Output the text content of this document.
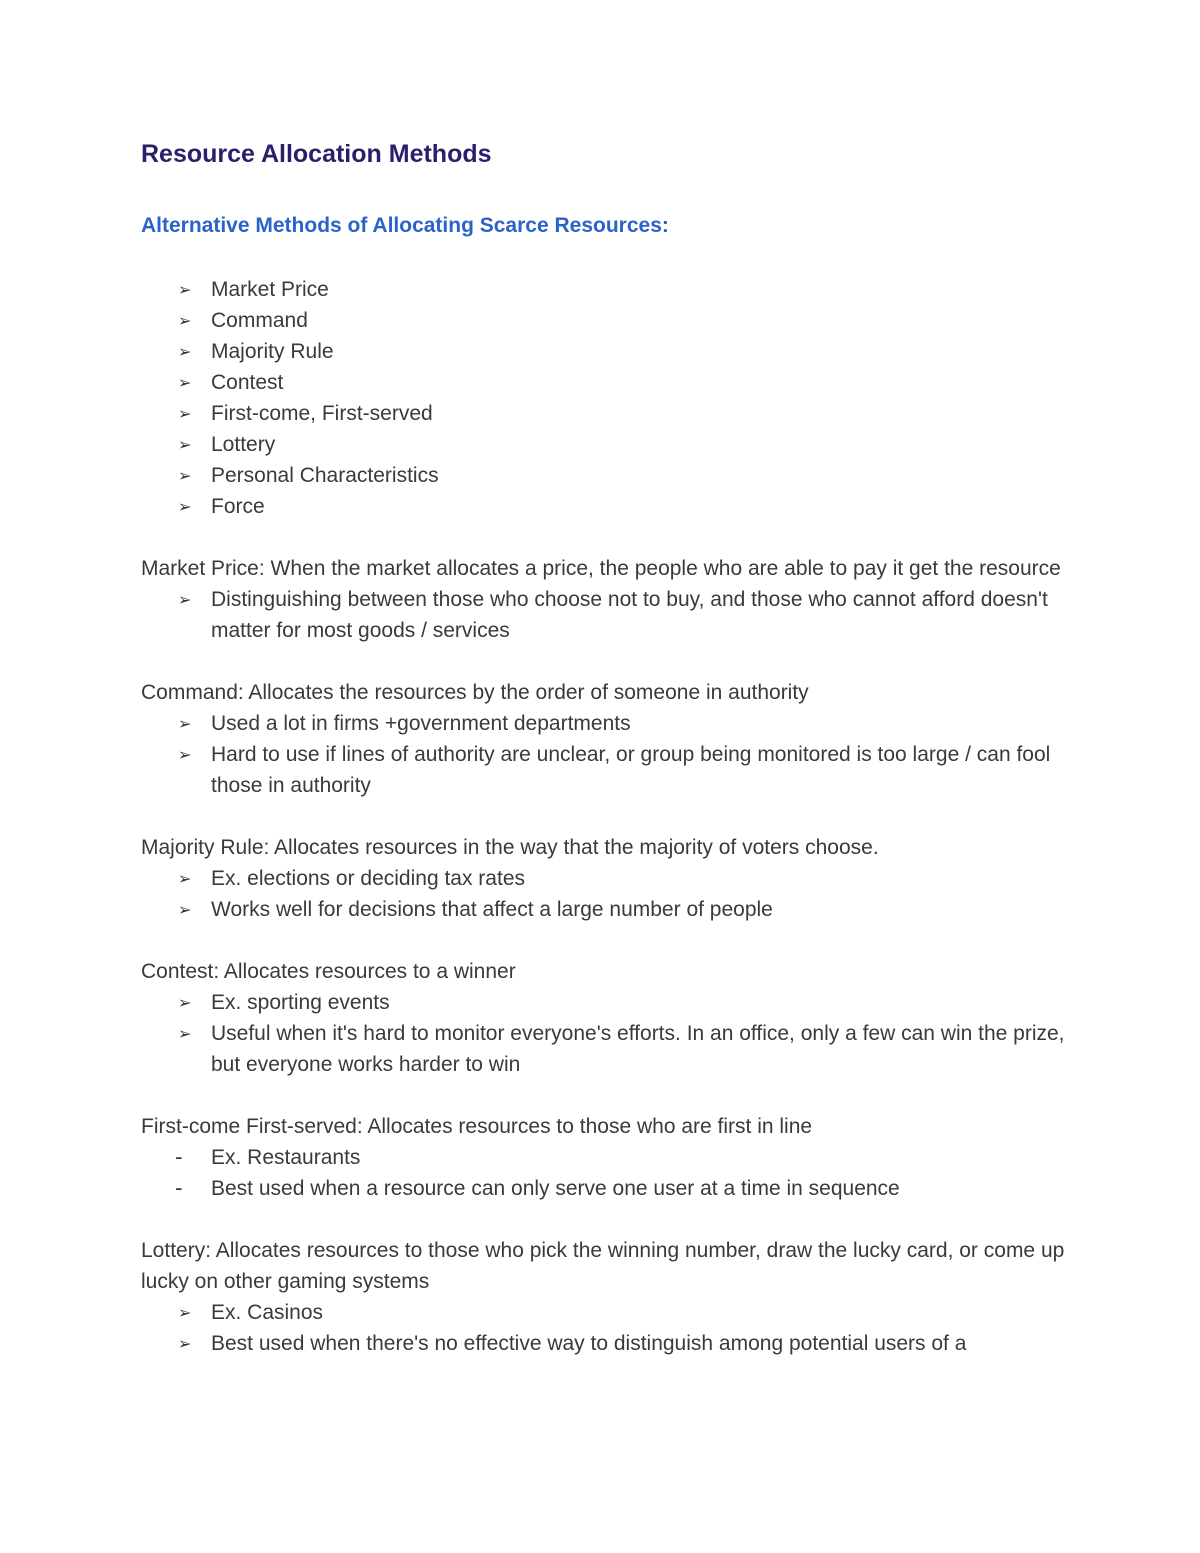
Resource Allocation Methods
Alternative Methods of Allocating Scarce Resources:
➢ Market Price
➢ Command
➢ Majority Rule
➢ Contest
➢ First-come, First-served
➢ Lottery
➢ Personal Characteristics
➢ Force

Market Price: When the market allocates a price, the people who are able to pay it get the resource

➢ Distinguishing between those who choose not to buy, and those who cannot afford doesn't matter for most goods / services

Command: Allocates the resources by the order of someone in authority

➢ Used a lot in firms +government departments
➢ Hard to use if lines of authority are unclear, or group being monitored is too large / can fool those in authority

Majority Rule: Allocates resources in the way that the majority of voters choose.

➢ Ex. elections or deciding tax rates
➢ Works well for decisions that affect a large number of people

Contest: Allocates resources to a winner

➢ Ex. sporting events
➢ Useful when it's hard to monitor everyone's efforts. In an office, only a few can win the prize, but everyone works harder to win

First-come First-served: Allocates resources to those who are first in line

-	Ex. Restaurants
-	Best used when a resource can only serve one user at a time in sequence

Lottery: Allocates resources to those who pick the winning number, draw the lucky card, or come up lucky on other gaming systems

➢ Ex. Casinos
➢ Best used when there's no effective way to distinguish among potential users of a
